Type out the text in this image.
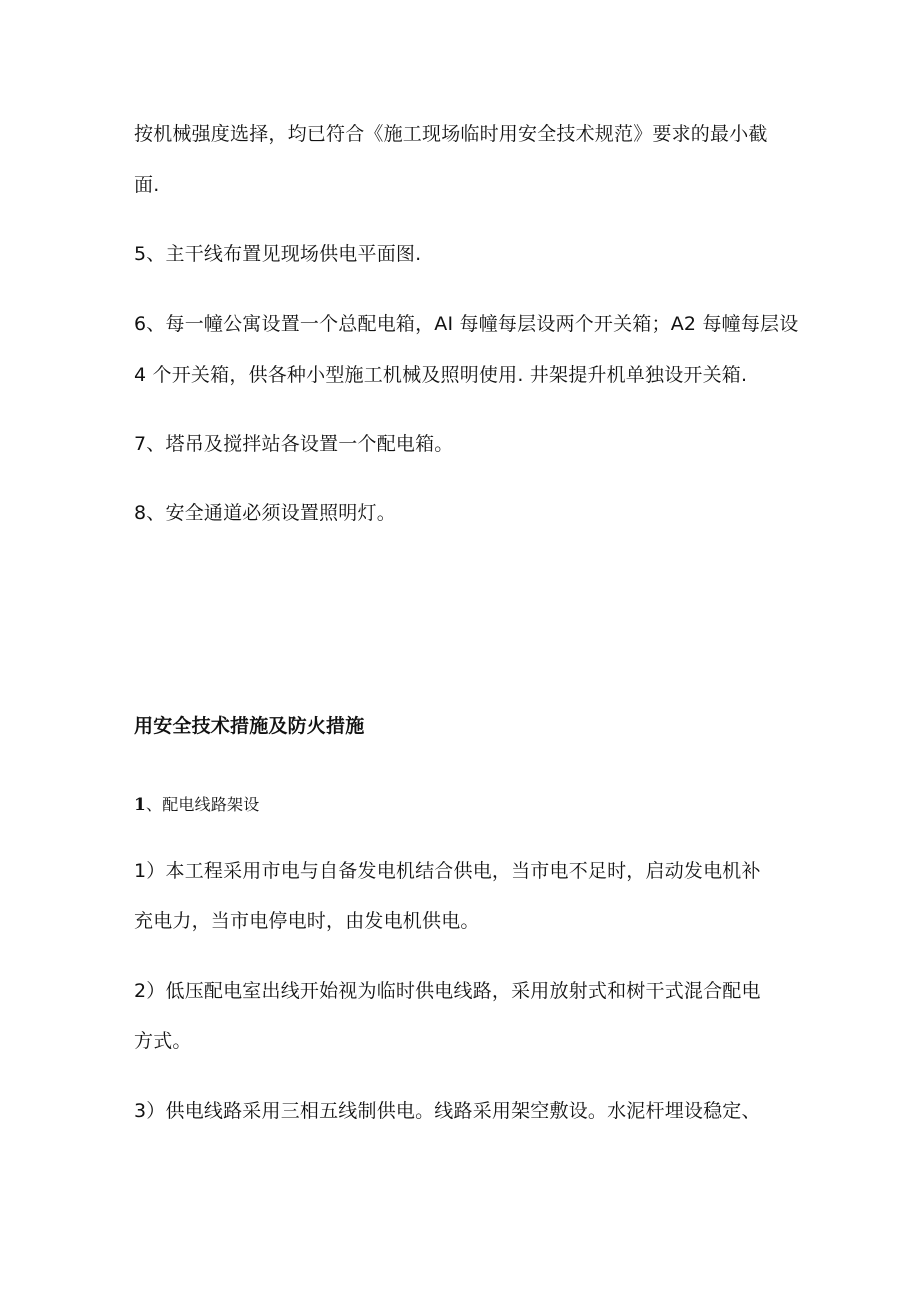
按机械强度选择，均已符合《施工现场临时用安全技术规范》要求的最小截
面.
5、主干线布置见现场供电平面图.
6、每一幢公寓设置一个总配电箱，AI 每幢每层设两个开关箱；A2 每幢每层设
4 个开关箱，供各种小型施工机械及照明使用. 井架提升机单独设开关箱.
7、塔吊及搅拌站各设置一个配电箱。
8、安全通道必须设置照明灯。
用安全技术措施及防火措施
1、配电线路架设
1）本工程采用市电与自备发电机结合供电，当市电不足时，启动发电机补
充电力，当市电停电时，由发电机供电。
2）低压配电室出线开始视为临时供电线路，采用放射式和树干式混合配电
方式。
3）供电线路采用三相五线制供电。线路采用架空敷设。水泥杆埋设稳定、
